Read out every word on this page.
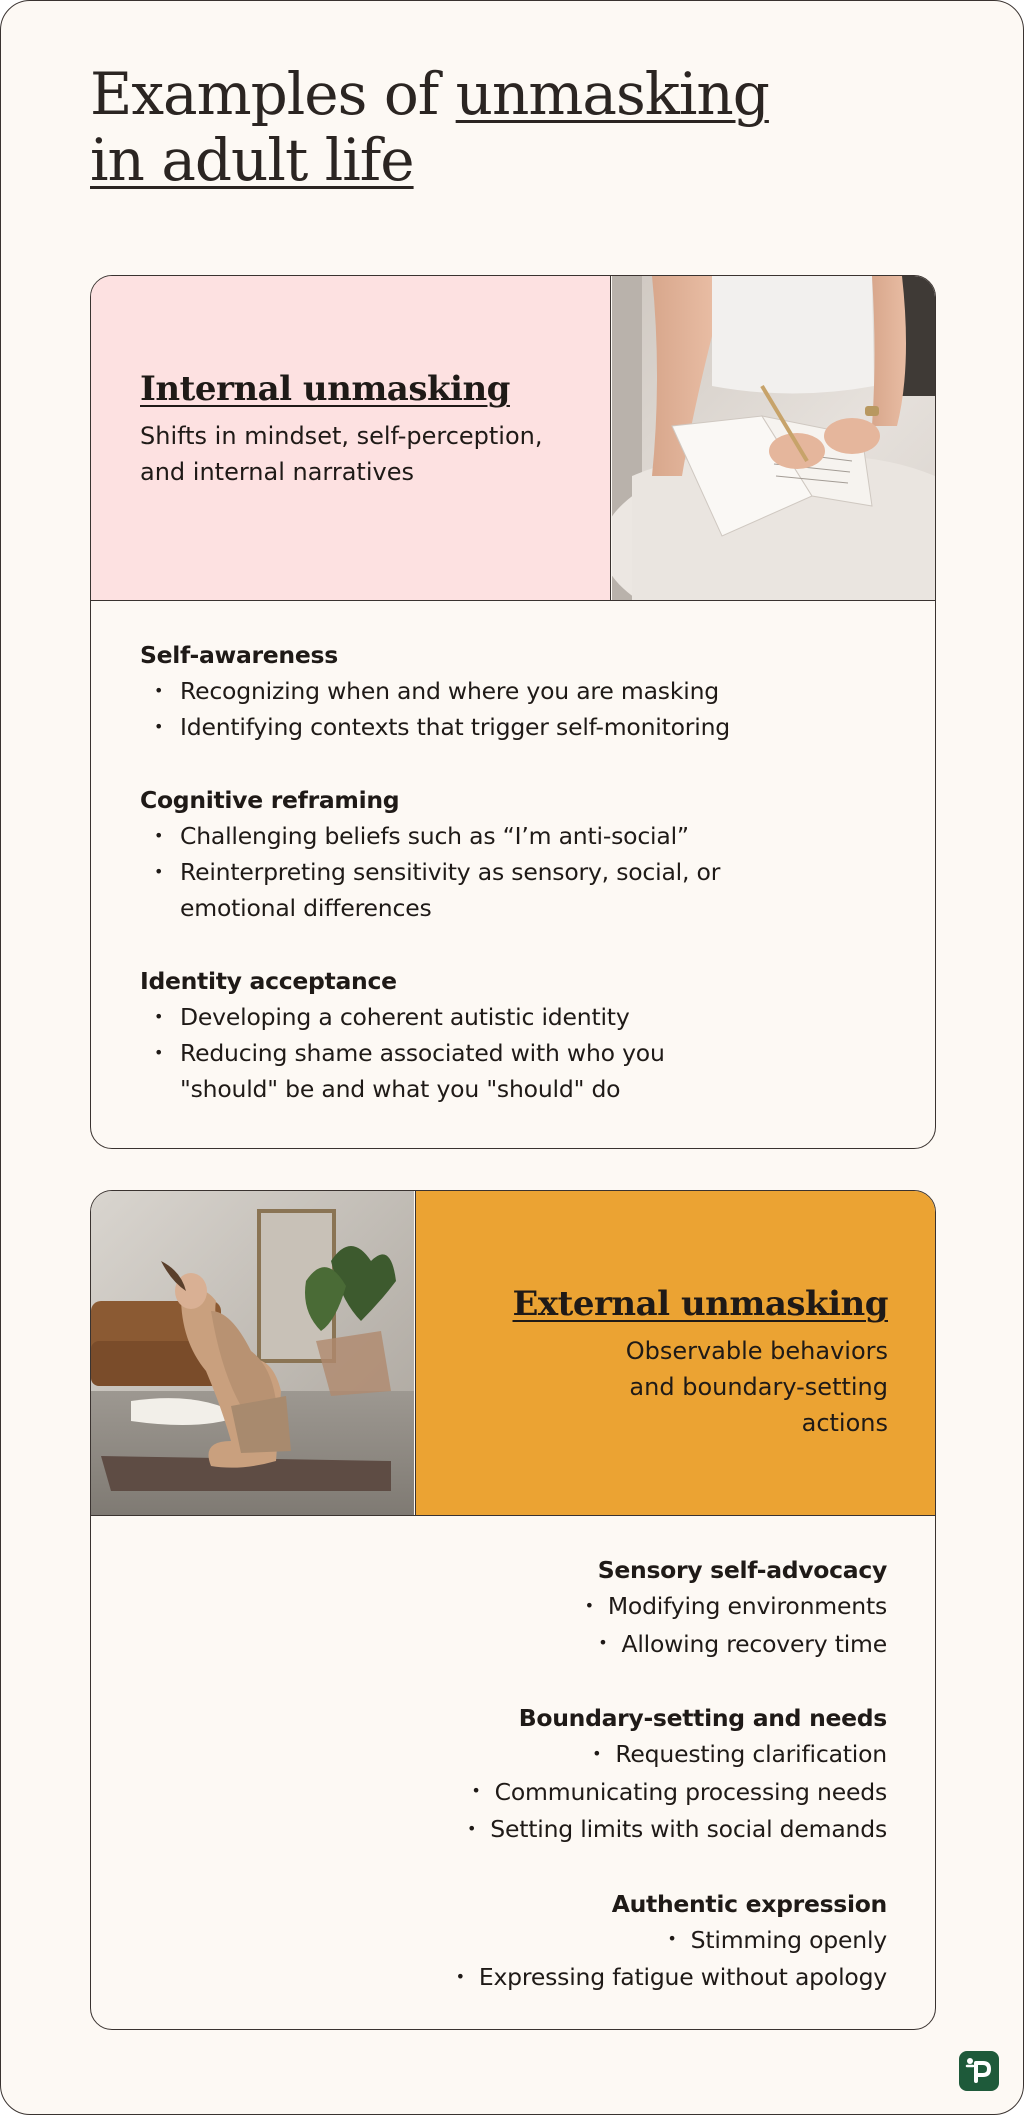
Examples of unmasking
in adult life
Internal unmasking

Shifts in mindset, self-perception, and internal narratives

Self-awareness
• Recognizing when and where you are masking
• Identifying contexts that trigger self-monitoring
Cognitive reframing
• Challenging beliefs such as “I’m anti-social”
• Reinterpreting sensitivity as sensory, social, or emotional differences
Identity acceptance
• Developing a coherent autistic identity
• Reducing shame associated with who you "should" be and what you "should" do
External unmasking

Observable behaviors and boundary-setting actions

Sensory self-advocacy
• Modifying environments
• Allowing recovery time
Boundary-setting and needs
• Requesting clarification
• Communicating processing needs
• Setting limits with social demands
Authentic expression
• Stimming openly
• Expressing fatigue without apology
